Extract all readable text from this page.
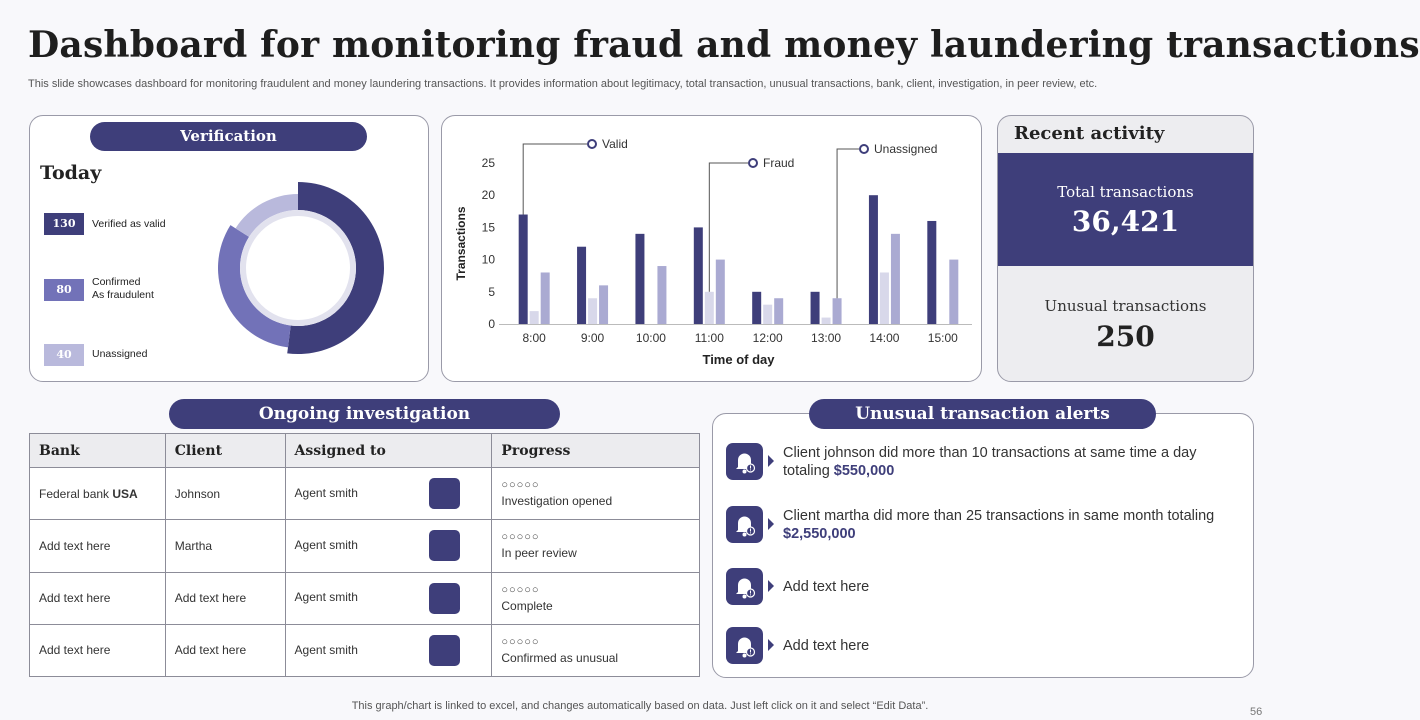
Dashboard for monitoring fraud and money laundering transactions
This slide showcases dashboard for monitoring fraudulent and money laundering transactions. It provides information about legitimacy, total transaction, unusual transactions, bank, client, investigation, in peer review, etc.
Verification
Today
130	Verified as valid
80
Confirmed
As fraudulent
40	Unassigned
0
5
10
15
20
25
8:00	9:00	10:00 11:00 12:00 13:00 14:00 15:00
Time of day
Transactions
Valid
Fraud
Unassigned
Recent activity
Total transactions
36,421
Unusual transactions
250
Ongoing investigation
Bank	Client	Assigned to	Progress
Federal bank USA	Johnson	Agent smith	○○○○○
Investigation opened

Add text here	Martha	Agent smith	○○○○○
In peer review

Add text here	Add text here	Agent smith	○○○○○
Complete

Add text here	Add text here	Agent smith	○○○○○
Confirmed as unusual
Unusual transaction alerts
Client johnson did more than 10 transactions at same time a day totaling $550,000
Client martha did more than 25 transactions in same month totaling $2,550,000
Add text here
Add text here
This graph/chart is linked to excel, and changes automatically based on data. Just left click on it and select “Edit Data”.	56
